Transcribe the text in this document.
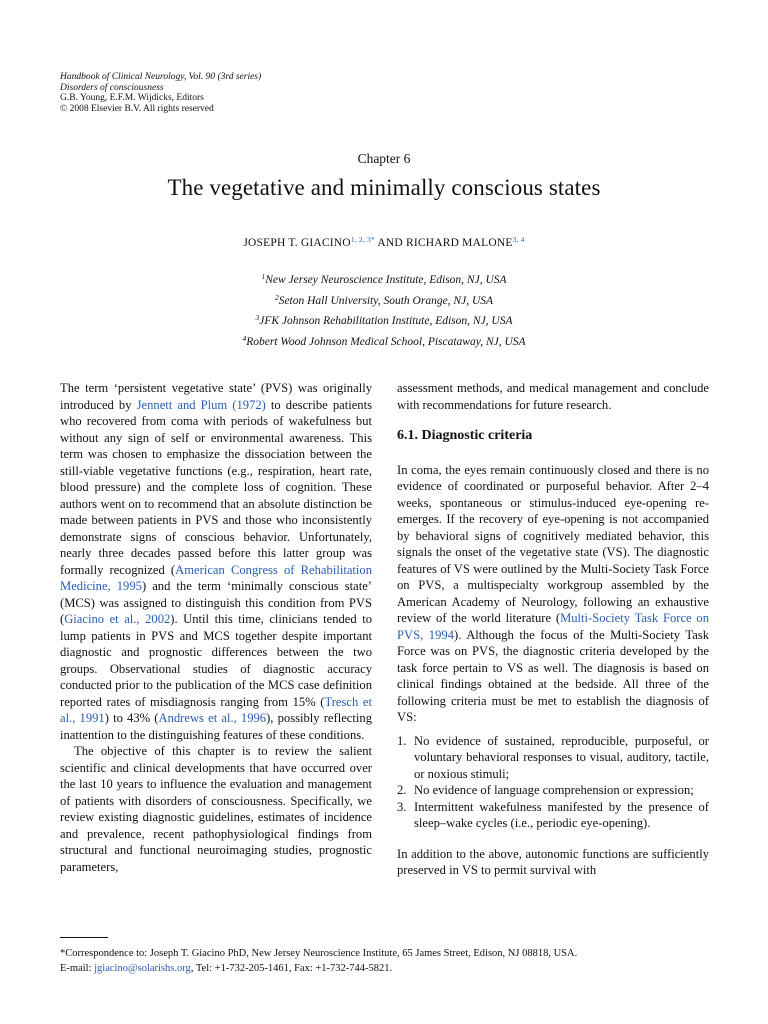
Handbook of Clinical Neurology, Vol. 90 (3rd series)
Disorders of consciousness
G.B. Young, E.F.M. Wijdicks, Editors
© 2008 Elsevier B.V. All rights reserved
Chapter 6
The vegetative and minimally conscious states
JOSEPH T. $GIACINO^{1, 2, 3*}$ AND RICHARD MALONE$^{3, 4}$
$^1$New Jersey Neuroscience Institute, Edison, NJ, USA
$^2$Seton Hall University, South Orange, NJ, USA
$^3$JFK Johnson Rehabilitation Institute, Edison, NJ, USA
$^4$Robert Wood Johnson Medical School, Piscataway, NJ, USA

The term ‘persistent vegetative state’ (PVS) was originally introduced by Jennett and Plum (1972) to describe patients who recovered from coma with periods of wakefulness but without any sign of self or environmental awareness. This term was chosen to emphasize the dissociation between the still-viable vegetative functions (e.g., respiration, heart rate, blood pressure) and the complete loss of cognition. These authors went on to recommend that an absolute distinction be made between patients in PVS and those who inconsistently demonstrate signs of conscious behavior. Unfortunately, nearly three decades passed before this latter group was formally recognized (American Congress of Rehabilitation Medicine, 1995) and the term ‘minimally conscious state’ (MCS) was assigned to distinguish this condition from PVS (Giacino et al., 2002). Until this time, clinicians tended to lump patients in PVS and MCS together despite important diagnostic and prognostic differences between the two groups. Observational studies of diagnostic accuracy conducted prior to the publication of the MCS case definition reported rates of misdiagnosis ranging from 15% (Tresch et al., 1991) to 43% (Andrews et al., 1996), possibly reflecting inattention to the distinguishing features of these conditions.

The objective of this chapter is to review the salient scientific and clinical developments that have occurred over the last 10 years to influence the evaluation and management of patients with disorders of consciousness. Specifically, we review existing diagnostic guidelines, estimates of incidence and prevalence, recent pathophysiological findings from structural and functional neuroimaging studies, prognostic parameters,

assessment methods, and medical management and conclude with recommendations for future research.

6.1. Diagnostic criteria

In coma, the eyes remain continuously closed and there is no evidence of coordinated or purposeful behavior. After 2–4 weeks, spontaneous or stimulus-induced eye-opening re-emerges. If the recovery of eye-opening is not accompanied by behavioral signs of cognitively mediated behavior, this signals the onset of the vegetative state (VS). The diagnostic features of VS were outlined by the Multi-Society Task Force on PVS, a multispecialty workgroup assembled by the American Academy of Neurology, following an exhaustive review of the world literature (Multi-Society Task Force on PVS, 1994). Although the focus of the Multi-Society Task Force was on PVS, the diagnostic criteria developed by the task force pertain to VS as well. The diagnosis is based on clinical findings obtained at the bedside. All three of the following criteria must be met to establish the diagnosis of VS:

1. No evidence of sustained, reproducible, purposeful, or voluntary behavioral responses to visual, auditory, tactile, or noxious stimuli;
2. No evidence of language comprehension or expression;
3. Intermittent wakefulness manifested by the presence of sleep–wake cycles (i.e., periodic eye-opening).

In addition to the above, autonomic functions are sufficiently preserved in VS to permit survival with

*Correspondence to: Joseph T. Giacino PhD, New Jersey Neuroscience Institute, 65 James Street, Edison, NJ 08818, USA.
E-mail: jgiacino@solarishs.org, Tel: +1-732-205-1461, Fax: +1-732-744-5821.
